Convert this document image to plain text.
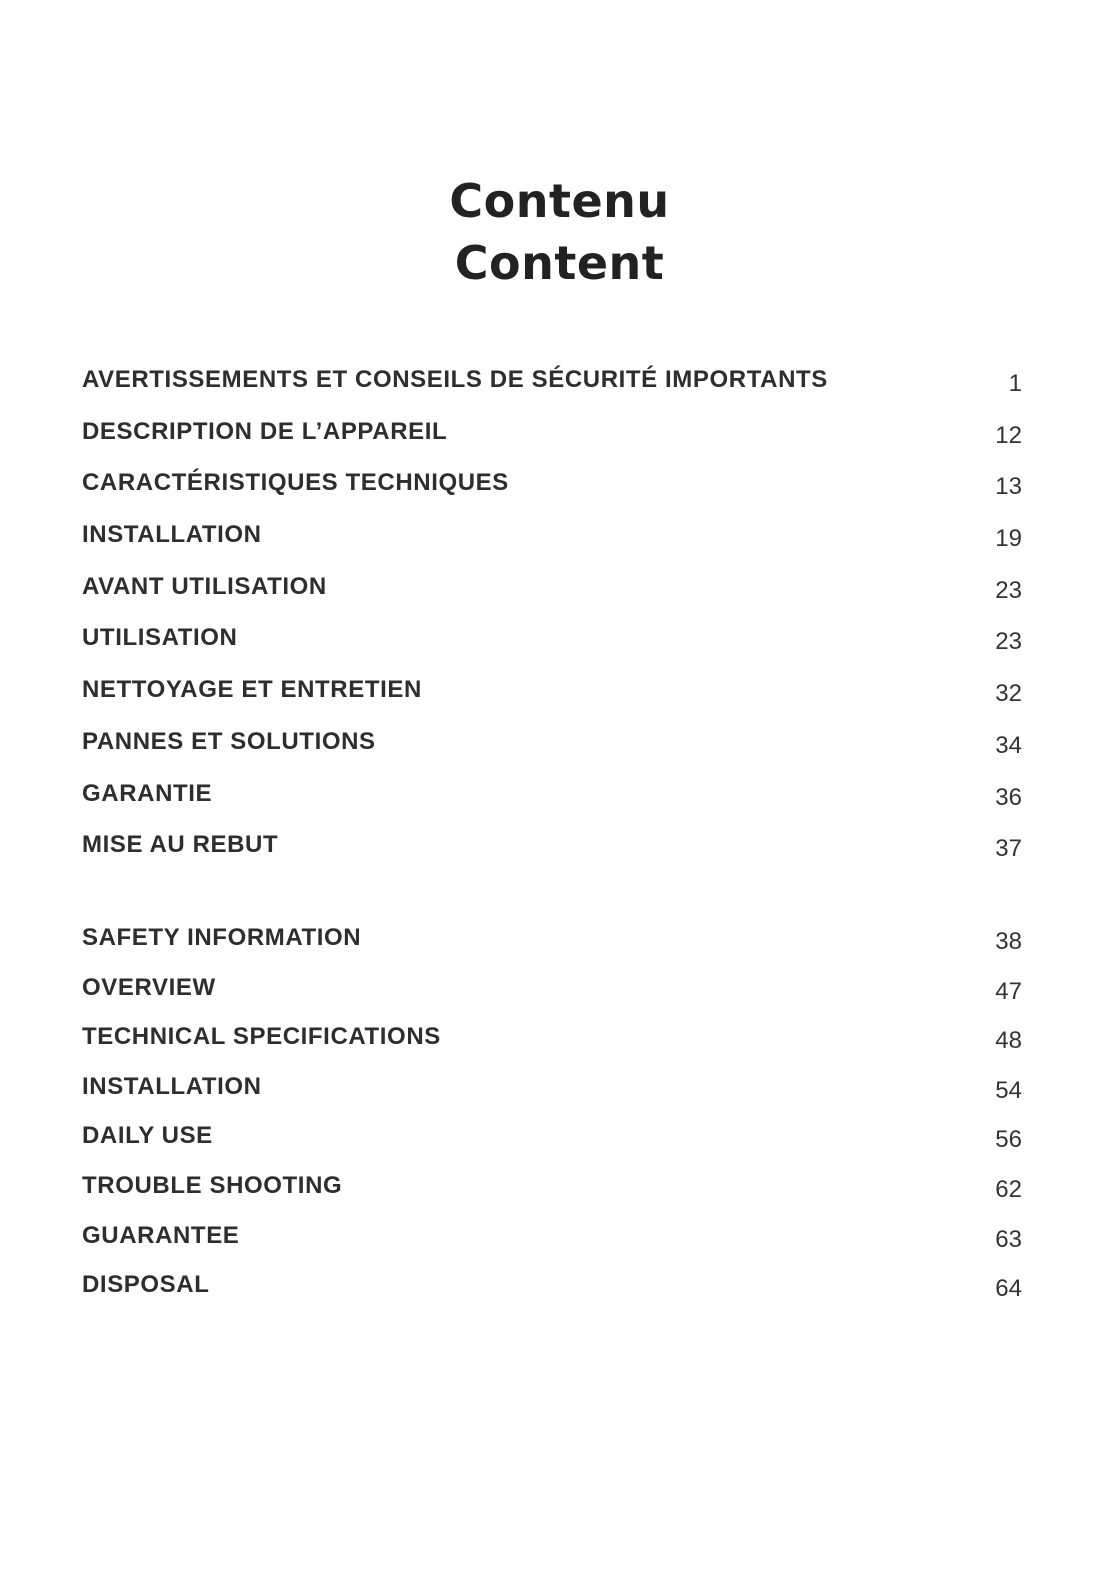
Contenu
Content
AVERTISSEMENTS ET CONSEILS DE SÉCURITÉ IMPORTANTS	1
DESCRIPTION DE L’APPAREIL	12
CARACTÉRISTIQUES TECHNIQUES	13
INSTALLATION	19
AVANT UTILISATION	23
UTILISATION	23
NETTOYAGE ET ENTRETIEN	32
PANNES ET SOLUTIONS	34
GARANTIE	36
MISE AU REBUT	37
SAFETY INFORMATION	38
OVERVIEW	47
TECHNICAL SPECIFICATIONS	48
INSTALLATION	54
DAILY USE	56
TROUBLE SHOOTING	62
GUARANTEE	63
DISPOSAL	64
